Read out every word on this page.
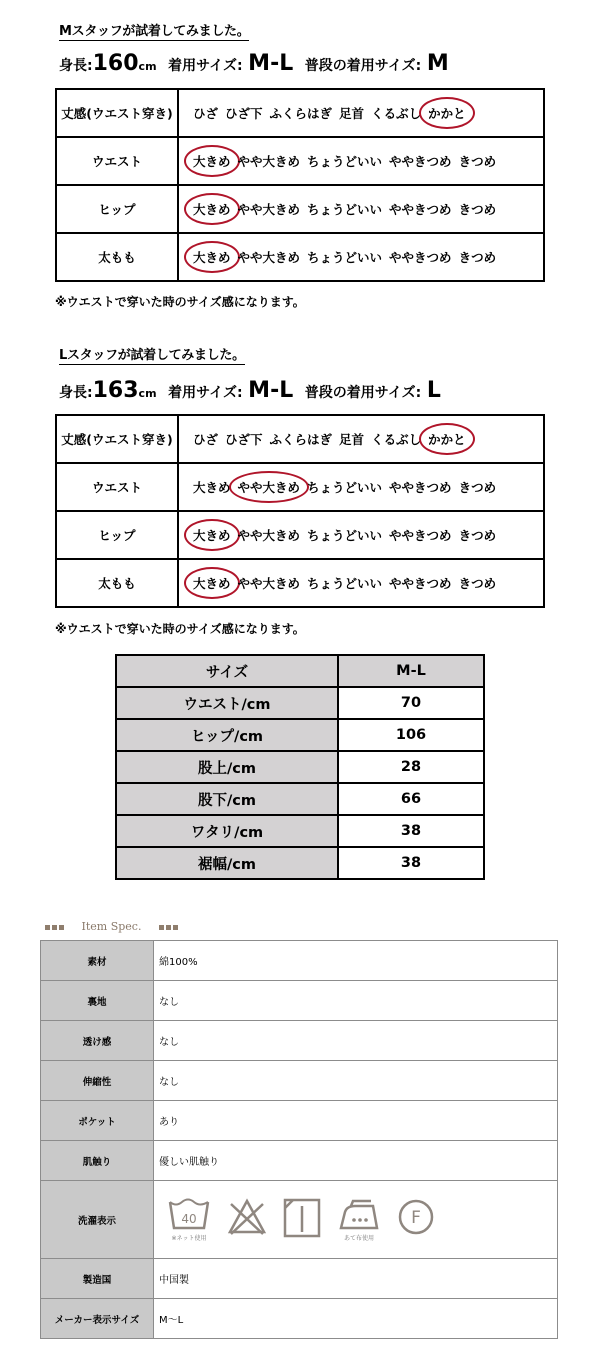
Mスタッフが試着してみました。
身長:160cm 着用サイズ: M-L 普段の着用サイズ: M
丈感(ウエスト穿き)	ひざ ひざ下 ふくらはぎ 足首 くるぶし かかと
ウエスト	大きめ やや大きめ ちょうどいい ややきつめ きつめ
ヒップ	大きめ やや大きめ ちょうどいい ややきつめ きつめ
太もも	大きめ やや大きめ ちょうどいい ややきつめ きつめ
※ウエストで穿いた時のサイズ感になります。
Lスタッフが試着してみました。
身長:163cm 着用サイズ: M-L 普段の着用サイズ: L
丈感(ウエスト穿き)	ひざ ひざ下 ふくらはぎ 足首 くるぶし かかと
ウエスト	大きめ やや大きめ ちょうどいい ややきつめ きつめ
ヒップ	大きめ やや大きめ ちょうどいい ややきつめ きつめ
太もも	大きめ やや大きめ ちょうどいい ややきつめ きつめ
※ウエストで穿いた時のサイズ感になります。
サイズ	M-L
ウエスト/cm	70
ヒップ/cm	106
股上/cm	28
股下/cm	66
ワタリ/cm	38
裾幅/cm	38
Item Spec.
素材	綿100%
裏地	なし
透け感	なし
伸縮性	なし
ポケット	あり
肌触り	優しい肌触り
洗濯表示	40
※ネット使用 あて布使用
F

製造国	中国製
メーカー表示サイズ	M〜L
